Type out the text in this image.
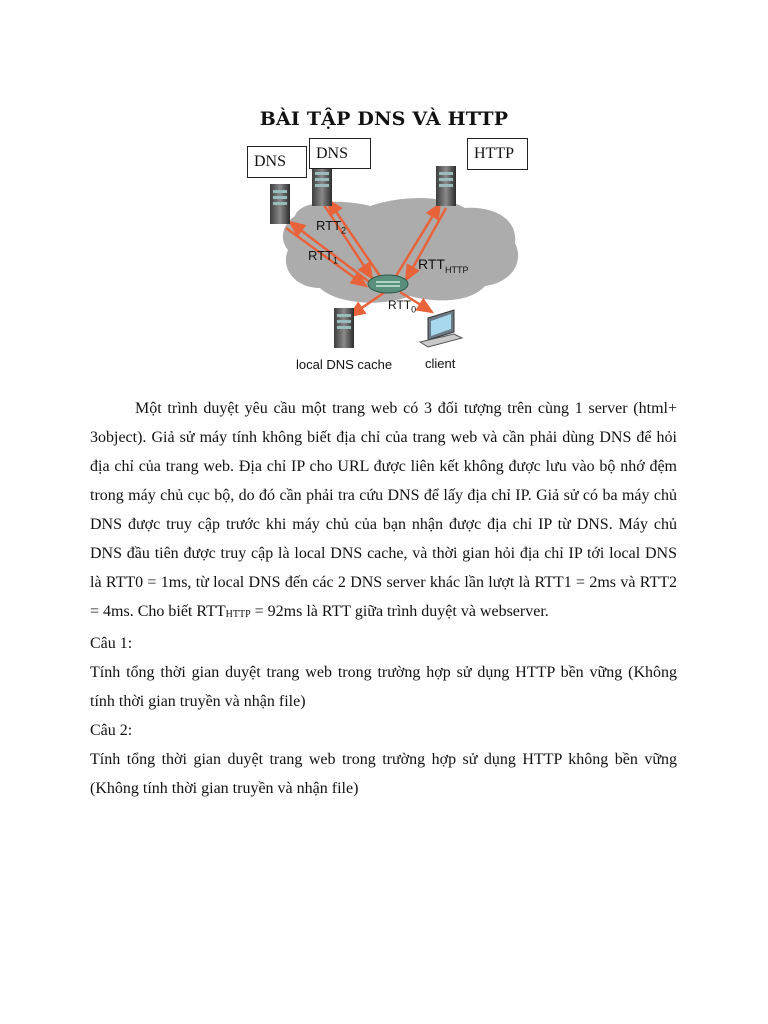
BÀI TẬP DNS VÀ HTTP
DNS	DNS	HTTP
$RTT_2$
$RTT_1$	$RTT_{HTTP}$
$RTT_0$
local DNS cache	client

Một trình duyệt yêu cầu một trang web có 3 đối tượng trên cùng 1 server (html+ 3object). Giả sử máy tính không biết địa chỉ của trang web và cần phải dùng DNS để hỏi địa chỉ của trang web. Địa chỉ IP cho URL được liên kết không được lưu vào bộ nhớ đệm trong máy chủ cục bộ, do đó cần phải tra cứu DNS để lấy địa chỉ IP. Giả sử có ba máy chủ DNS được truy cập trước khi máy chủ của bạn nhận được địa chỉ IP từ DNS. Máy chủ DNS đầu tiên được truy cập là local DNS cache, và thời gian hỏi địa chỉ IP tới local DNS là RTT0 = 1ms, từ local DNS đến các 2 DNS server khác lần lượt là RTT1 = 2ms và RTT2 = 4ms. Cho biết RTTHTTP = 92ms là RTT giữa trình duyệt và webserver.

Câu 1:

Tính tổng thời gian duyệt trang web trong trường hợp sử dụng HTTP bền vững (Không tính thời gian truyền và nhận file)

Câu 2:

Tính tổng thời gian duyệt trang web trong trường hợp sử dụng HTTP không bền vững (Không tính thời gian truyền và nhận file)
